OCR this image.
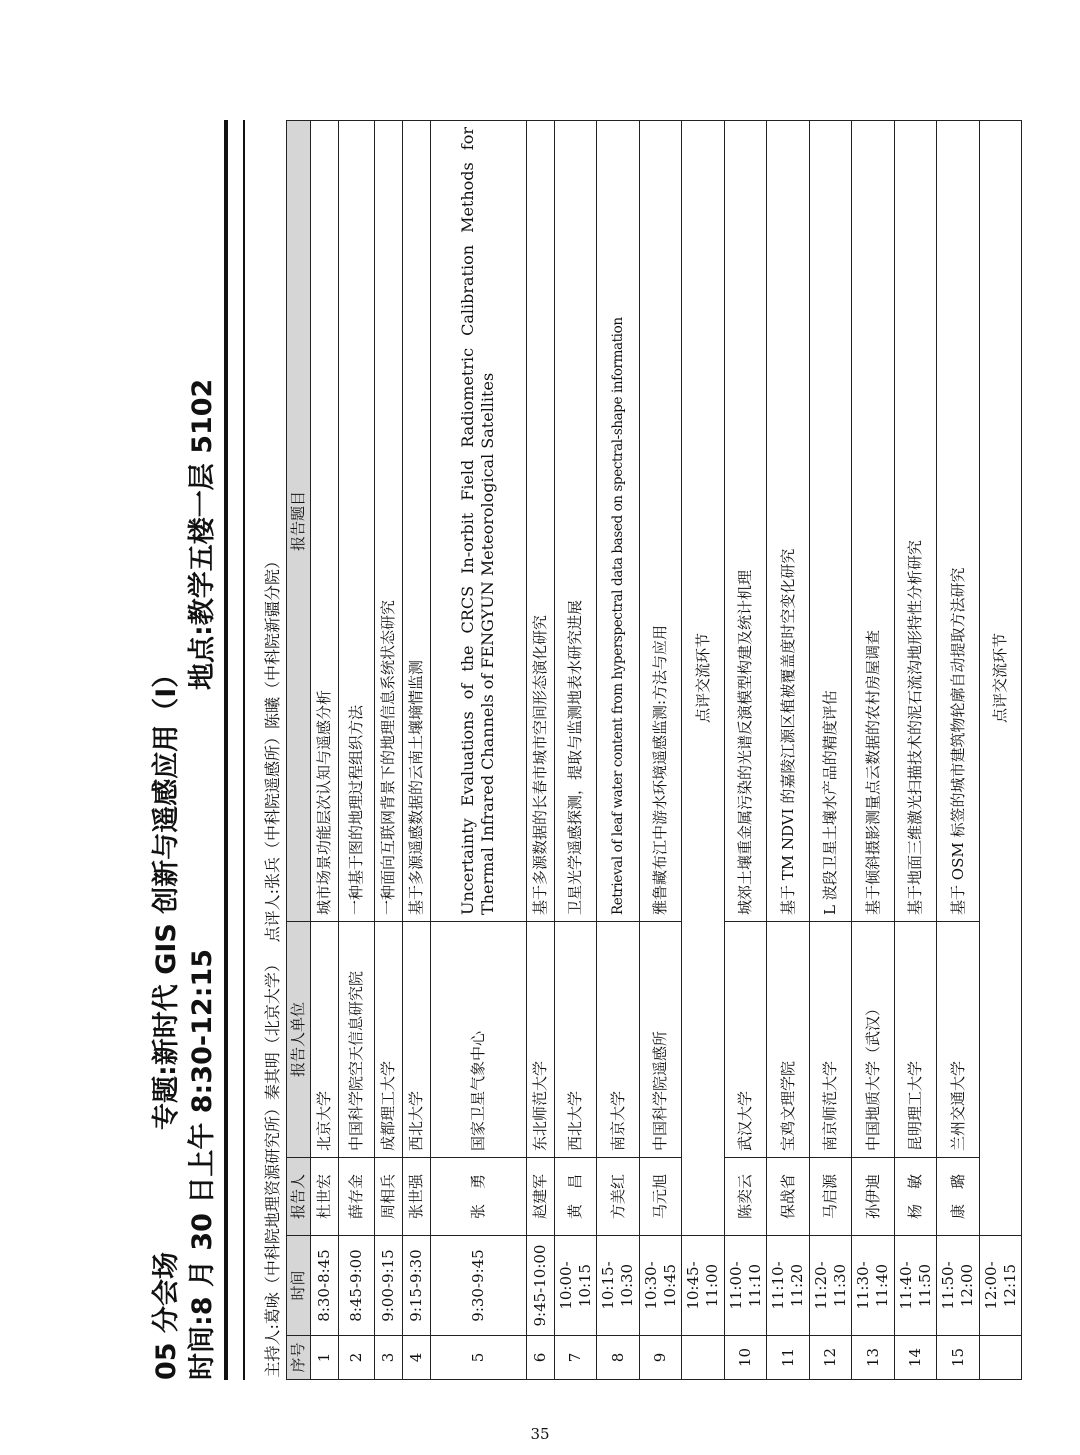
05 分会场
专题:新时代 GIS 创新与遥感应用（Ⅰ）
时间:8 月 30 日上午 8:30-12:15
地点:教学五楼一层 5102
主持人:葛咏（中科院地理资源研究所）秦其明（北京大学） 点评人:张兵（中科院遥感所）陈曦（中科院新疆分院）				
序号	时间	报告人	报告人单位	报告题目
1	8:30-8:45	杜世宏	北京大学	城市场景功能层次认知与遥感分析
2	8:45-9:00	薛存金	中国科学院空天信息研究院	一种基于图的地理过程组织方法
3	9:00-9:15	周相兵	成都理工大学	一种面向互联网背景下的地理信息系统状态研究
4	9:15-9:30	张世强	西北大学	基于多源遥感数据的云南土壤墒情监测
5	9:30-9:45	张　勇	国家卫星气象中心	Uncertainty Evaluations of the CRCS In-orbit Field Radiometric Calibration Methods for Thermal Infrared Channels of FENGYUN Meteorological Satellites
6	9:45-10:00	赵建军	东北师范大学	基于多源数据的长春市城市空间形态演化研究
7	10:00-10:15	黄　昌	西北大学	卫星光学遥感探测，提取与监测地表水研究进展
8	10:15-10:30	方美红	南京大学	Retrieval of leaf water content from hyperspectral data based on spectral-shape information
9	10:30-10:45	马元旭	中国科学院遥感所	雅鲁藏布江中游水环境遥感监测:方法与应用
	10:45-11:00	点评交流环节		
10	11:00-11:10	陈奕云	武汉大学	城郊土壤重金属污染的光谱反演模型构建及统计机理
11	11:10-11:20	保战省	宝鸡文理学院	基于 TM NDVI 的嘉陵江源区植被覆盖度时空变化研究
12	11:20-11:30	马启源	南京师范大学	L 波段卫星土壤水产品的精度评估
13	11:30-11:40	孙伊迪	中国地质大学（武汉）	基于倾斜摄影测量点云数据的农村房屋调查
14	11:40-11:50	杨　敏	昆明理工大学	基于地面三维激光扫描技术的泥石流沟地形特性分析研究
15	11:50-12:00	康　璐	兰州交通大学	基于 OSM 标签的城市建筑物轮廓自动提取方法研究
	12:00-12:15	点评交流环节		
35
